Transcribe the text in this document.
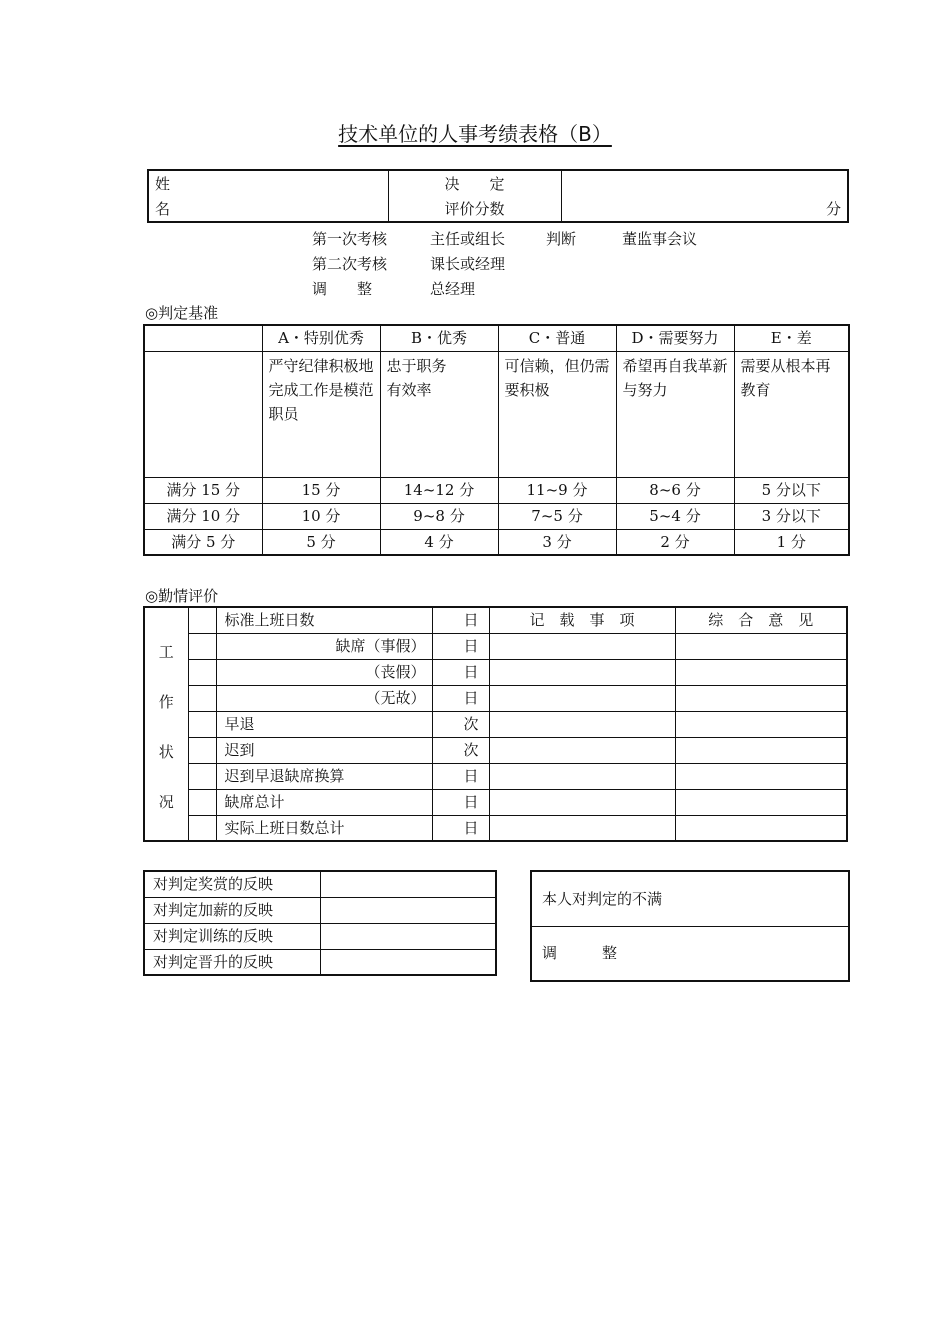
技术单位的人事考绩表格（B）
姓	决　　定	
名	评价分数	分
第一次考核	主任或组长	判断	董监事会议
第二次考核	课长或经理
调　　整	总经理
◎判定基准
	A・特别优秀	B・优秀	C・普通	D・需要努力	E・差
	严守纪律积极地完成工作是模范职员	忠于职务有效率	可信赖，但仍需要积极	希望再自我革新与努力	需要从根本再教育
满分 15 分	15 分	14~12 分	11~9 分	8~6 分	5 分以下
满分 10 分	10 分	9~8 分	7~5 分	5~4 分	3 分以下
满分 5 分	5 分	4 分	3 分	2 分	1 分
◎勤情评价
工
作
状
况		标准上班日数	日	记　载　事　项	综　合　意　见
		缺席（事假）	日		
		（丧假）	日		
		（无故）	日		
		早退	次		
		迟到	次		
		迟到早退缺席换算	日		
		缺席总计	日		
		实际上班日数总计	日		
对判定奖赏的反映	
对判定加薪的反映	
对判定训练的反映	
对判定晋升的反映	
本人对判定的不满
调　　　整
